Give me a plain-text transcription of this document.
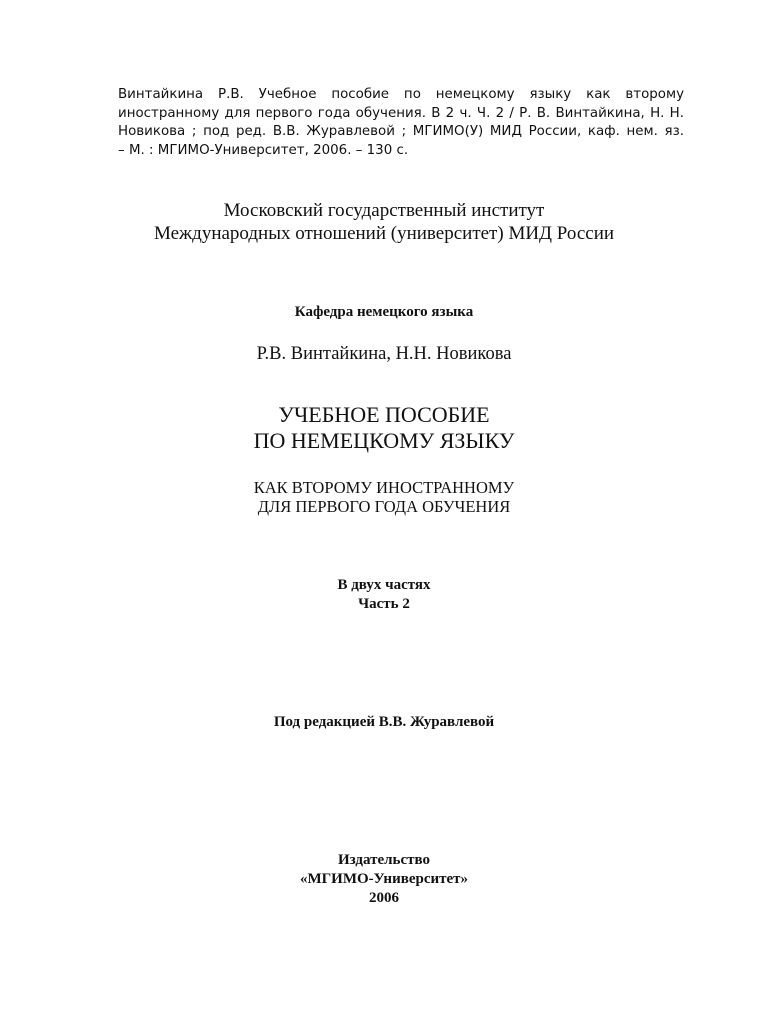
Винтайкина Р.В. Учебное пособие по немецкому языку как второму
иностранному для первого года обучения. В 2 ч. Ч. 2 / Р. В. Винтайкина, Н. Н.
Новикова ; под ред. В.В. Журавлевой ; МГИМО(У) МИД России, каф. нем. яз.
– М. : МГИМО-Университет, 2006. – 130 с.
Московский государственный институт
Международных отношений (университет) МИД России
Кафедра немецкого языка
Р.В. Винтайкина, Н.Н. Новикова
УЧЕБНОЕ ПОСОБИЕ
ПО НЕМЕЦКОМУ ЯЗЫКУ
КАК ВТОРОМУ ИНОСТРАННОМУ
ДЛЯ ПЕРВОГО ГОДА ОБУЧЕНИЯ
В двух частях
Часть 2
Под редакцией В.В. Журавлевой
Издательство
«МГИМО-Университет»
2006
